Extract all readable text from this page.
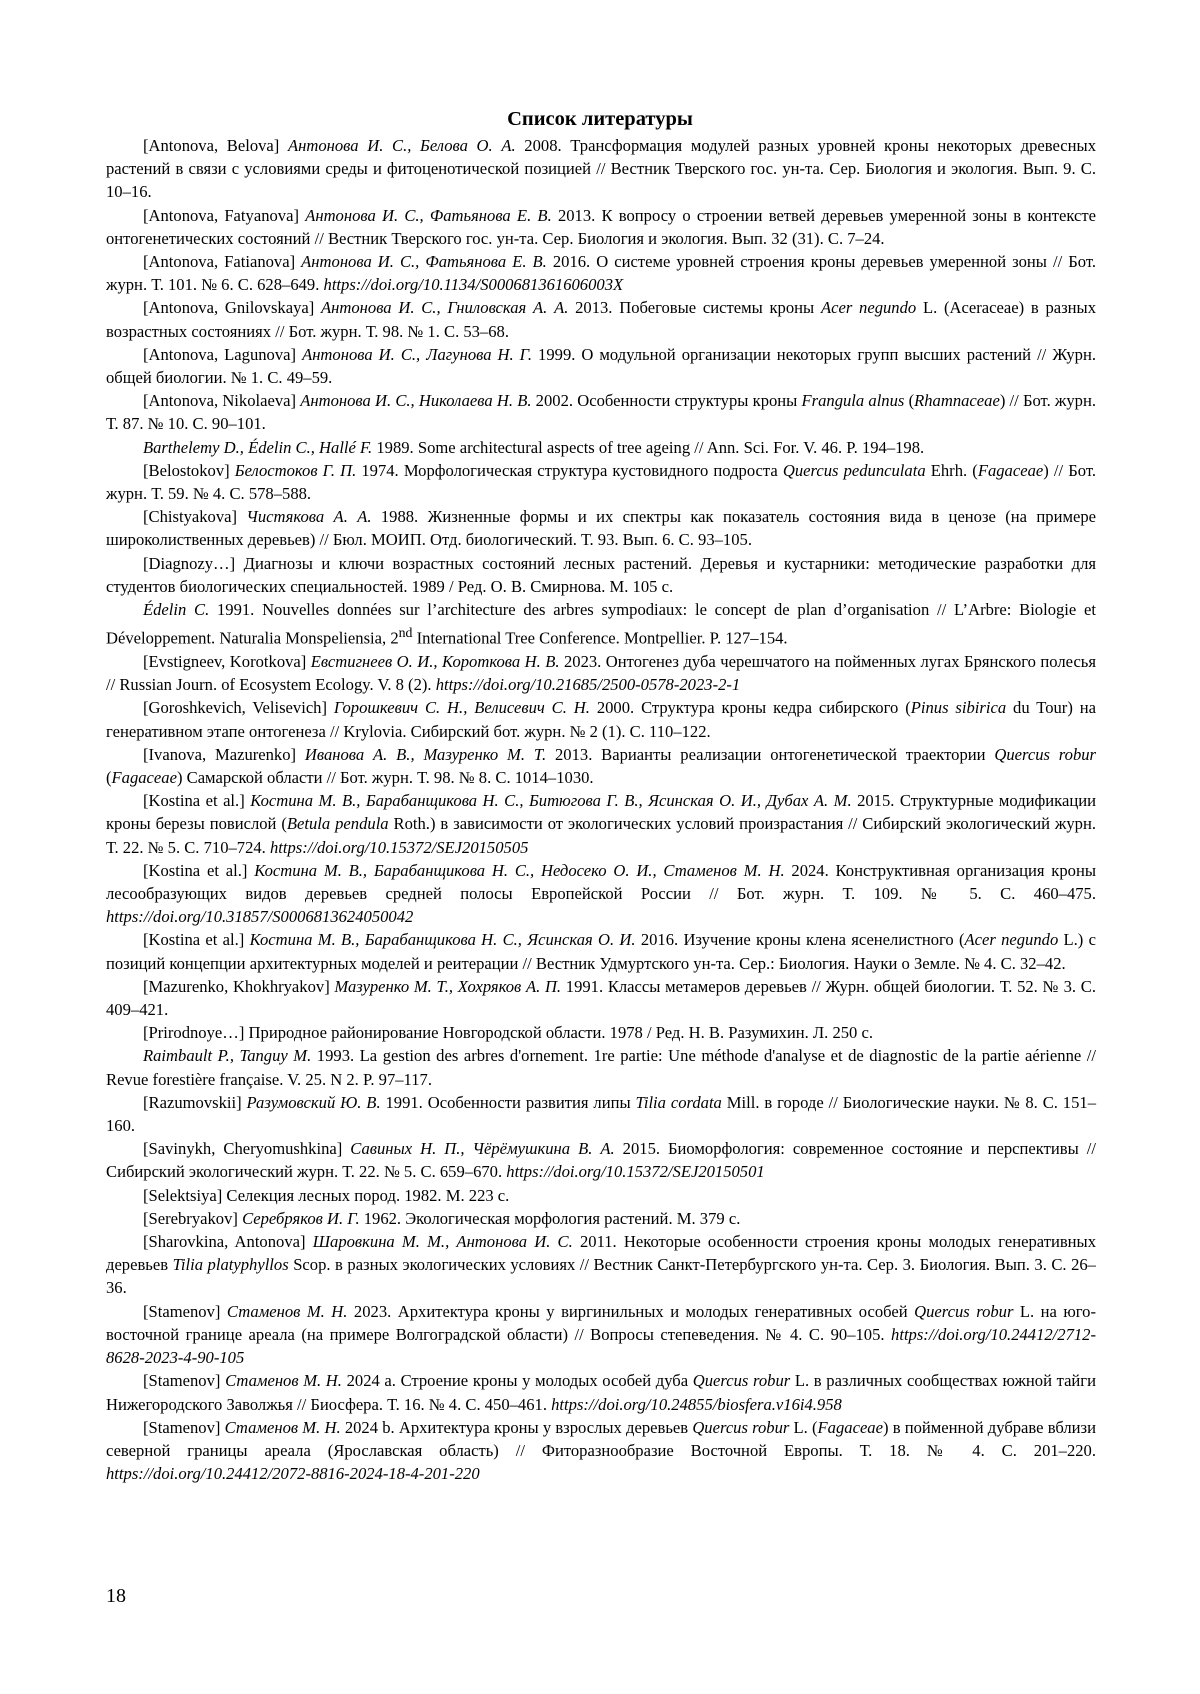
Список литературы

[Antonova, Belova] Антонова И. С., Белова О. А. 2008. Трансформация модулей разных уровней кроны некоторых древесных растений в связи с условиями среды и фитоценотической позицией // Вестник Тверского гос. ун-та. Сер. Биология и экология. Вып. 9. С. 10–16.

[Antonova, Fatyanova] Антонова И. С., Фатьянова Е. В. 2013. К вопросу о строении ветвей деревьев умеренной зоны в контексте онтогенетических состояний // Вестник Тверского гос. ун-та. Сер. Биология и экология. Вып. 32 (31). С. 7–24.

[Antonova, Fatianova] Антонова И. С., Фатьянова Е. В. 2016. О системе уровней строения кроны деревьев умеренной зоны // Бот. журн. Т. 101. № 6. С. 628–649. https://doi.org/10.1134/S000681361606003X

[Antonova, Gnilovskaya] Антонова И. С., Гниловская А. А. 2013. Побеговые системы кроны Acer negundo L. (Aceraceae) в разных возрастных состояниях // Бот. журн. Т. 98. № 1. С. 53–68.

[Antonova, Lagunova] Антонова И. С., Лагунова Н. Г. 1999. О модульной организации некоторых групп высших растений // Журн. общей биологии. № 1. С. 49–59.

[Antonova, Nikolaeva] Антонова И. С., Николаева Н. В. 2002. Особенности структуры кроны Frangula alnus (Rhamnaceae) // Бот. журн. Т. 87. № 10. С. 90–101.

Barthelemy D., Édelin C., Hallé F. 1989. Some architectural aspects of tree ageing // Ann. Sci. For. V. 46. P. 194–198.

[Belostokov] Белостоков Г. П. 1974. Морфологическая структура кустовидного подроста Quercus pedunculata Ehrh. (Fagaceae) // Бот. журн. Т. 59. № 4. С. 578–588.

[Chistyakova] Чистякова А. А. 1988. Жизненные формы и их спектры как показатель состояния вида в ценозе (на примере широколиственных деревьев) // Бюл. МОИП. Отд. биологический. Т. 93. Вып. 6. С. 93–105.

[Diagnozy…] Диагнозы и ключи возрастных состояний лесных растений. Деревья и кустарники: методические разработки для студентов биологических специальностей. 1989 / Ред. О. В. Смирнова. М. 105 с.

Édelin C. 1991. Nouvelles données sur l’architecture des arbres sympodiaux: le concept de plan d’organisation // L’Arbre: Biologie et Développement. Naturalia Monspeliensia, 2nd International Tree Conference. Montpellier. P. 127–154.

[Evstigneev, Korotkova] Евстигнеев О. И., Короткова Н. В. 2023. Онтогенез дуба черешчатого на пойменных лугах Брянского полесья // Russian Journ. of Ecosystem Ecology. V. 8 (2). https://doi.org/10.21685/2500-0578-2023-2-1

[Goroshkevich, Velisevich] Горошкевич С. Н., Велисевич С. Н. 2000. Структура кроны кедра сибирского (Pinus sibirica du Tour) на генеративном этапе онтогенеза // Krylovia. Сибирский бот. журн. № 2 (1). С. 110–122.

[Ivanova, Mazurenko] Иванова А. В., Мазуренко М. Т. 2013. Варианты реализации онтогенетической траектории Quercus robur (Fagaceae) Самарской области // Бот. журн. Т. 98. № 8. С. 1014–1030.

[Kostina et al.] Костина М. В., Барабанщикова Н. С., Битюгова Г. В., Ясинская О. И., Дубах А. М. 2015. Структурные модификации кроны березы повислой (Betula pendula Roth.) в зависимости от экологических условий произрастания // Сибирский экологический журн. Т. 22. № 5. С. 710–724. https://doi.org/10.15372/SEJ20150505

[Kostina et al.] Костина М. В., Барабанщикова Н. С., Недосеко О. И., Стаменов М. Н. 2024. Конструктивная организация кроны лесообразующих видов деревьев средней полосы Европейской России // Бот. журн. Т. 109. № 5. С. 460–475. https://doi.org/10.31857/S0006813624050042

[Kostina et al.] Костина М. В., Барабанщикова Н. С., Ясинская О. И. 2016. Изучение кроны клена ясенелистного (Acer negundo L.) с позиций концепции архитектурных моделей и реитерации // Вестник Удмуртского ун-та. Сер.: Биология. Науки о Земле. № 4. С. 32–42.

[Mazurenko, Khokhryakov] Мазуренко М. Т., Хохряков А. П. 1991. Классы метамеров деревьев // Журн. общей биологии. Т. 52. № 3. С. 409–421.

[Prirodnoye…] Природное районирование Новгородской области. 1978 / Ред. Н. В. Разумихин. Л. 250 с.

Raimbault P., Tanguy M. 1993. La gestion des arbres d'ornement. 1re partie: Une méthode d'analyse et de diagnostic de la partie aérienne // Revue forestière française. V. 25. N 2. P. 97–117.

[Razumovskii] Разумовский Ю. В. 1991. Особенности развития липы Tilia cordata Mill. в городе // Биологические науки. № 8. С. 151–160.

[Savinykh, Cheryomushkina] Савиных Н. П., Чёрёмушкина В. А. 2015. Биоморфология: современное состояние и перспективы // Сибирский экологический журн. Т. 22. № 5. С. 659–670. https://doi.org/10.15372/SEJ20150501

[Selektsiya] Селекция лесных пород. 1982. М. 223 с.

[Serebryakov] Серебряков И. Г. 1962. Экологическая морфология растений. М. 379 с.

[Sharovkina, Antonova] Шаровкина М. М., Антонова И. С. 2011. Некоторые особенности строения кроны молодых генеративных деревьев Tilia platyphyllos Scop. в разных экологических условиях // Вестник Санкт-Петербургского ун-та. Сер. 3. Биология. Вып. 3. С. 26–36.

[Stamenov] Стаменов М. Н. 2023. Архитектура кроны у виргинильных и молодых генеративных особей Quercus robur L. на юго-восточной границе ареала (на примере Волгоградской области) // Вопросы степеведения. № 4. С. 90–105. https://doi.org/10.24412/2712-8628-2023-4-90-105

[Stamenov] Стаменов М. Н. 2024 a. Строение кроны у молодых особей дуба Quercus robur L. в различных сообществах южной тайги Нижегородского Заволжья // Биосфера. Т. 16. № 4. С. 450–461. https://doi.org/10.24855/biosfera.v16i4.958

[Stamenov] Стаменов М. Н. 2024 b. Архитектура кроны у взрослых деревьев Quercus robur L. (Fagaceae) в пойменной дубраве вблизи северной границы ареала (Ярославская область) // Фиторазнообразие Восточной Европы. Т. 18. № 4. С. 201–220. https://doi.org/10.24412/2072-8816-2024-18-4-201-220

18
